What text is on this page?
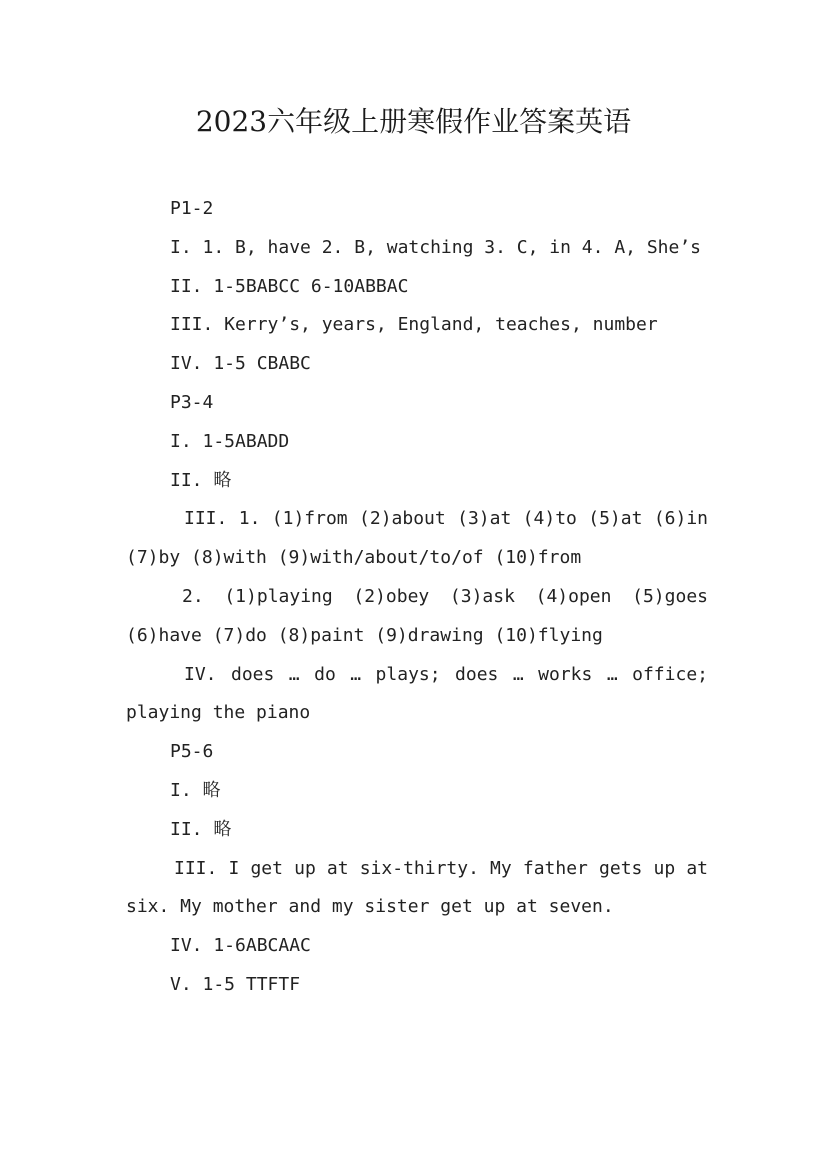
2023六年级上册寒假作业答案英语

P1-2

I. 1. B, have 2. B, watching 3. C, in 4. A, She’s

II. 1-5BABCC 6-10ABBAC

III. Kerry’s, years, England, teaches, number

IV. 1-5 CBABC

P3-4

I. 1-5ABADD

II. 略

III. 1. (1)from (2)about (3)at (4)to (5)at (6)in (7)by (8)with (9)with/about/to/of (10)from

2. (1)playing (2)obey (3)ask (4)open (5)goes (6)have (7)do (8)paint (9)drawing (10)flying

IV. does … do … plays; does … works … office; playing the piano

P5-6

I. 略

II. 略

III. I get up at six-thirty. My father gets up at six. My mother and my sister get up at seven.

IV. 1-6ABCAAC

V. 1-5 TTFTF
